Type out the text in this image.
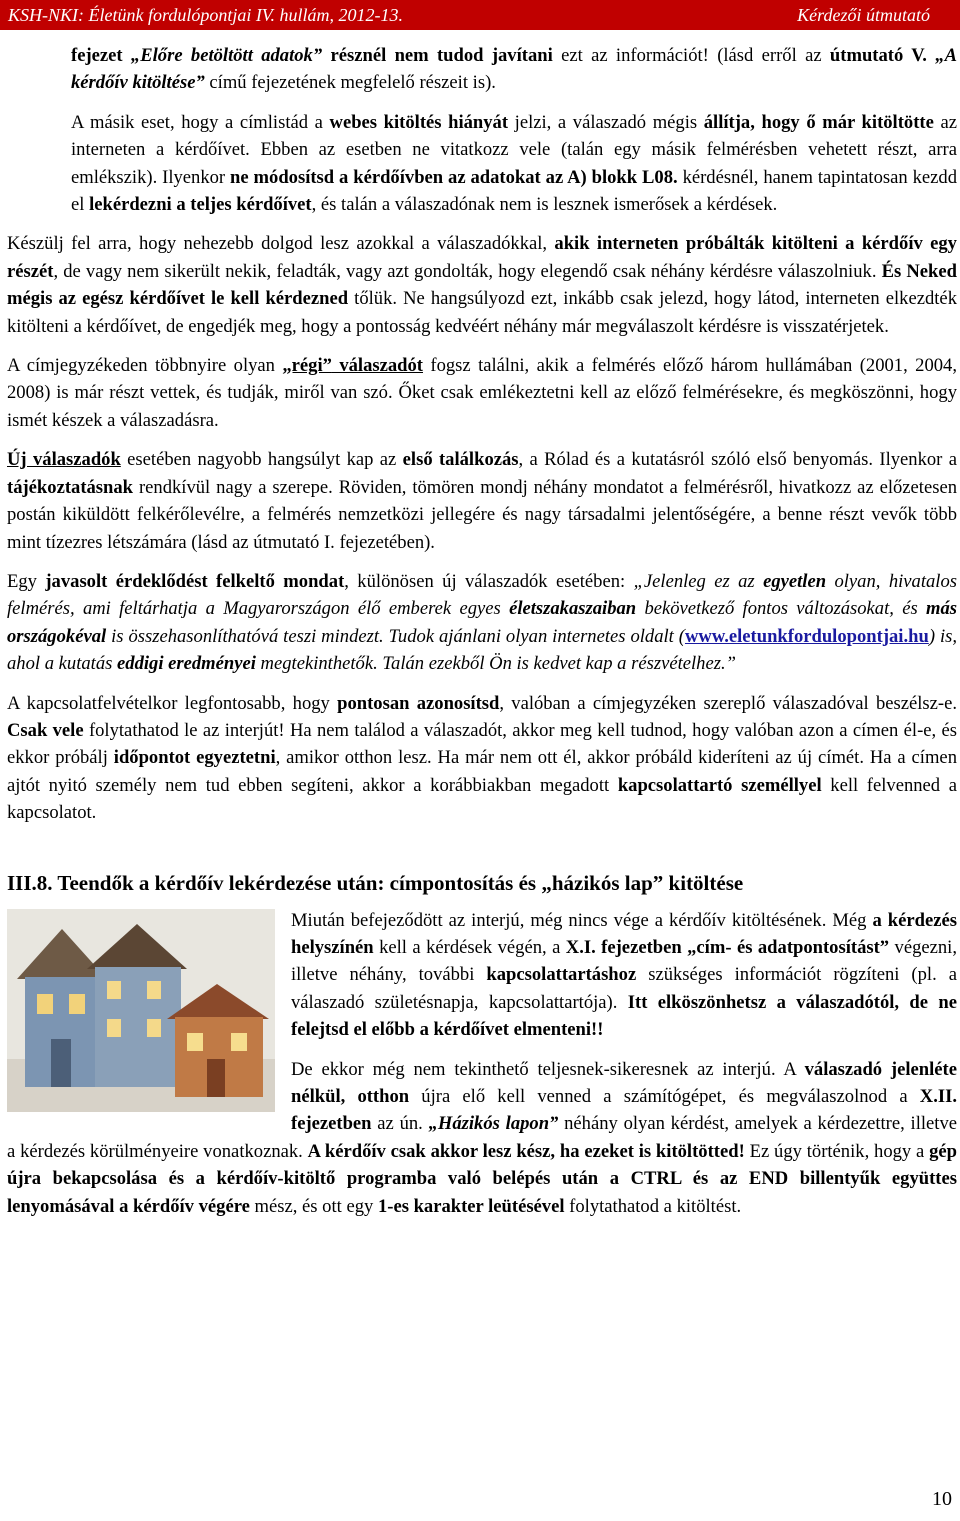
KSH-NKI: Életünk fordulópontjai IV. hullám, 2012-13.	Kérdezői útmutató

fejezet „Előre betöltött adatok” résznél nem tudod javítani ezt az információt! (lásd erről az útmutató V. „A kérdőív kitöltése” című fejezetének megfelelő részeit is).

A másik eset, hogy a címlistád a webes kitöltés hiányát jelzi, a válaszadó mégis állítja, hogy ő már kitöltötte az interneten a kérdőívet. Ebben az esetben ne vitatkozz vele (talán egy másik felmérésben vehetett részt, arra emlékszik). Ilyenkor ne módosítsd a kérdőívben az adatokat az A) blokk L08. kérdésnél, hanem tapintatosan kezdd el lekérdezni a teljes kérdőívet, és talán a válaszadónak nem is lesznek ismerősek a kérdések.

Készülj fel arra, hogy nehezebb dolgod lesz azokkal a válaszadókkal, akik interneten próbálták kitölteni a kérdőív egy részét, de vagy nem sikerült nekik, feladták, vagy azt gondolták, hogy elegendő csak néhány kérdésre válaszolniuk. És Neked mégis az egész kérdőívet le kell kérdezned tőlük. Ne hangsúlyozd ezt, inkább csak jelezd, hogy látod, interneten elkezdték kitölteni a kérdőívet, de engedjék meg, hogy a pontosság kedvéért néhány már megválaszolt kérdésre is visszatérjetek.

A címjegyzékeden többnyire olyan „régi” válaszadót fogsz találni, akik a felmérés előző három hullámában (2001, 2004, 2008) is már részt vettek, és tudják, miről van szó. Őket csak emlékeztetni kell az előző felmérésekre, és megköszönni, hogy ismét készek a válaszadásra.

Új válaszadók esetében nagyobb hangsúlyt kap az első találkozás, a Rólad és a kutatásról szóló első benyomás. Ilyenkor a tájékoztatásnak rendkívül nagy a szerepe. Röviden, tömören mondj néhány mondatot a felmérésről, hivatkozz az előzetesen postán kiküldött felkérőlevélre, a felmérés nemzetközi jellegére és nagy társadalmi jelentőségére, a benne részt vevők több mint tízezres létszámára (lásd az útmutató I. fejezetében).

Egy javasolt érdeklődést felkeltő mondat, különösen új válaszadók esetében: „Jelenleg ez az egyetlen olyan, hivatalos felmérés, ami feltárhatja a Magyarországon élő emberek egyes életszakaszaiban bekövetkező fontos változásokat, és más országokéval is összehasonlíthatóvá teszi mindezt. Tudok ajánlani olyan internetes oldalt (www.eletunkfordulopontjai.hu) is, ahol a kutatás eddigi eredményei megtekinthetők. Talán ezekből Ön is kedvet kap a részvételhez.”

A kapcsolatfelvételkor legfontosabb, hogy pontosan azonosítsd, valóban a címjegyzéken szereplő válaszadóval beszélsz-e. Csak vele folytathatod le az interjút! Ha nem találod a válaszadót, akkor meg kell tudnod, hogy valóban azon a címen él-e, és ekkor próbálj időpontot egyeztetni, amikor otthon lesz. Ha már nem ott él, akkor próbáld kideríteni az új címét. Ha a címen ajtót nyitó személy nem tud ebben segíteni, akkor a korábbiakban megadott kapcsolattartó személlyel kell felvenned a kapcsolatot.

III.8. Teendők a kérdőív lekérdezése után: címpontosítás és „házikós lap” kitöltése

Miután befejeződött az interjú, még nincs vége a kérdőív kitöltésének. Még a kérdezés helyszínén kell a kérdések végén, a X.I. fejezetben „cím- és adatpontosítást” végezni, illetve néhány, további kapcsolattartáshoz szükséges információt rögzíteni (pl. a válaszadó születésnapja, kapcsolattartója). Itt elköszönhetsz a válaszadótól, de ne felejtsd el előbb a kérdőívet elmenteni!!

De ekkor még nem tekinthető teljesnek-sikeresnek az interjú. A válaszadó jelenléte nélkül, otthon újra elő kell venned a számítógépet, és megválaszolnod a X.II. fejezetben az ún. „Házikós lapon” néhány olyan kérdést, amelyek a kérdezettre, illetve a kérdezés körülményeire vonatkoznak. A kérdőív csak akkor lesz kész, ha ezeket is kitöltötted! Ez úgy történik, hogy a gép újra bekapcsolása és a kérdőív-kitöltő programba való belépés után a CTRL és az END billentyűk együttes lenyomásával a kérdőív végére mész, és ott egy 1-es karakter leütésével folytathatod a kitöltést.

10
